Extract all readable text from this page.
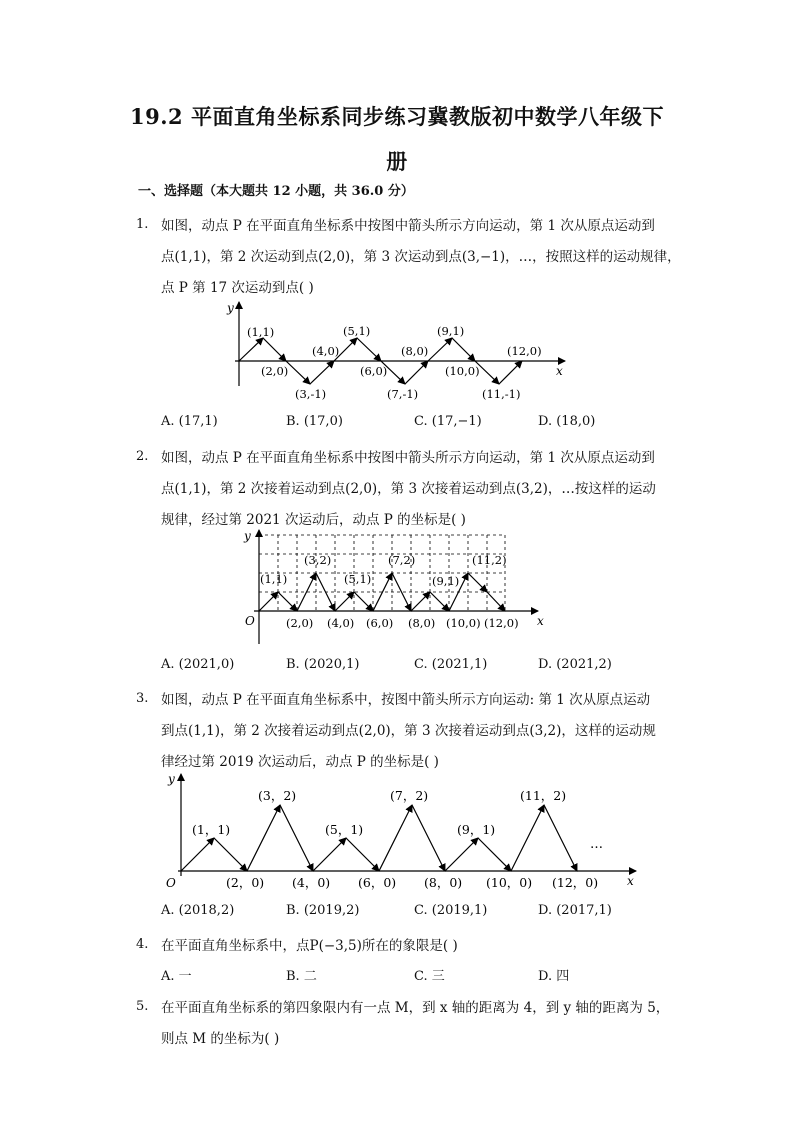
19.2 平面直角坐标系同步练习冀教版初中数学八年级下
册
一、选择题（本大题共 12 小题，共 36.0 分）
1. 如图，动点 P 在平面直角坐标系中按图中箭头所示方向运动，第 1 次从原点运动到
点(1,1)，第 2 次运动到点(2,0)，第 3 次运动到点(3,−1)，…，按照这样的运动规律，
点 P 第 17 次运动到点( )
y
x
(1,1)
(2,0)
(3,-1)
(4,0)
(5,1)
(6,0)
(7,-1)
(8,0)
(9,1)
(10,0)
(11,-1)
(12,0)
A. (17,1)	B. (17,0)	C. (17,−1)	D. (18,0)
2. 如图，动点 P 在平面直角坐标系中按图中箭头所示方向运动，第 1 次从原点运动到
点(1,1)，第 2 次接着运动到点(2,0)，第 3 次接着运动到点(3,2)，…按这样的运动
规律，经过第 2021 次运动后，动点 P 的坐标是( )
y
x
O
(1,1)
(3,2)
(5,1)
(7,2)
(9,1)
(11,2)
(2,0) (4,0) (6,0) (8,0) (10,0) (12,0)
A. (2021,0)	B. (2020,1)	C. (2021,1)	D. (2021,2)
3. 如图，动点 P 在平面直角坐标系中，按图中箭头所示方向运动: 第 1 次从原点运动
到点(1,1)，第 2 次接着运动到点(2,0)，第 3 次接着运动到点(3,2)，这样的运动规
律经过第 2019 次运动后，动点 P 的坐标是( )
y
x
O
…
(1，1)
(3，2)
(5，1)
(7，2)
(9，1)
(11，2)
(2，0) (4，0) (6，0) (8，0) (10，0) (12，0)
A. (2018,2)	B. (2019,2)	C. (2019,1)	D. (2017,1)
4. 在平面直角坐标系中，点P(−3,5)所在的象限是( )
A. 一	B. 二	C. 三	D. 四
5. 在平面直角坐标系的第四象限内有一点 M，到 x 轴的距离为 4，到 y 轴的距离为 5，
则点 M 的坐标为( )
